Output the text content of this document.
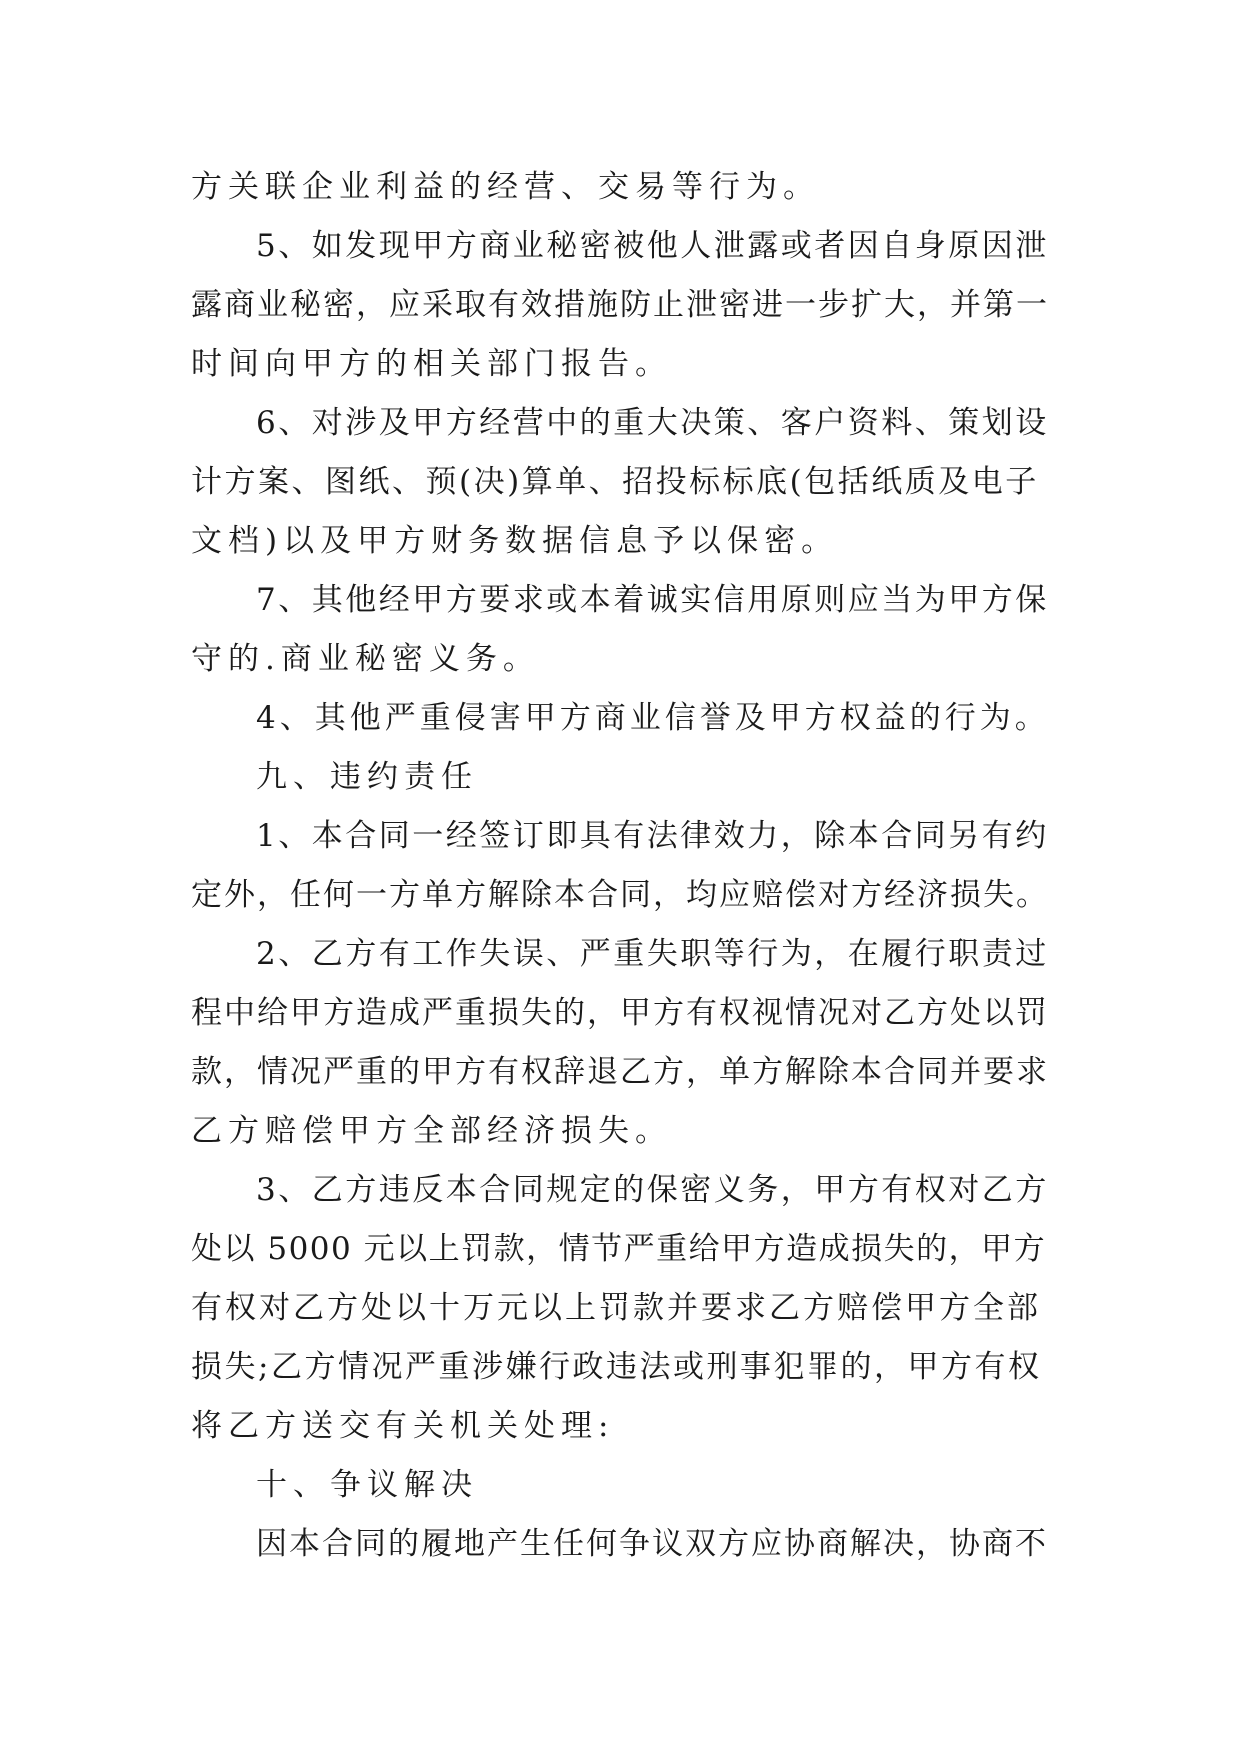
方关联企业利益的经营、交易等行为。
5、如发现甲方商业秘密被他人泄露或者因自身原因泄
露商业秘密，应采取有效措施防止泄密进一步扩大，并第一
时间向甲方的相关部门报告。
6、对涉及甲方经营中的重大决策、客户资料、策划设
计方案、图纸、预(决)算单、招投标标底(包括纸质及电子
文档)以及甲方财务数据信息予以保密。
7、其他经甲方要求或本着诚实信用原则应当为甲方保
守的.商业秘密义务。
4、其他严重侵害甲方商业信誉及甲方权益的行为。
九、违约责任
1、本合同一经签订即具有法律效力，除本合同另有约
定外，任何一方单方解除本合同，均应赔偿对方经济损失。
2、乙方有工作失误、严重失职等行为，在履行职责过
程中给甲方造成严重损失的，甲方有权视情况对乙方处以罚
款，情况严重的甲方有权辞退乙方，单方解除本合同并要求
乙方赔偿甲方全部经济损失。
3、乙方违反本合同规定的保密义务，甲方有权对乙方
处以 5000 元以上罚款，情节严重给甲方造成损失的，甲方
有权对乙方处以十万元以上罚款并要求乙方赔偿甲方全部
损失;乙方情况严重涉嫌行政违法或刑事犯罪的，甲方有权
将乙方送交有关机关处理:
十、争议解决
因本合同的履地产生任何争议双方应协商解决，协商不
